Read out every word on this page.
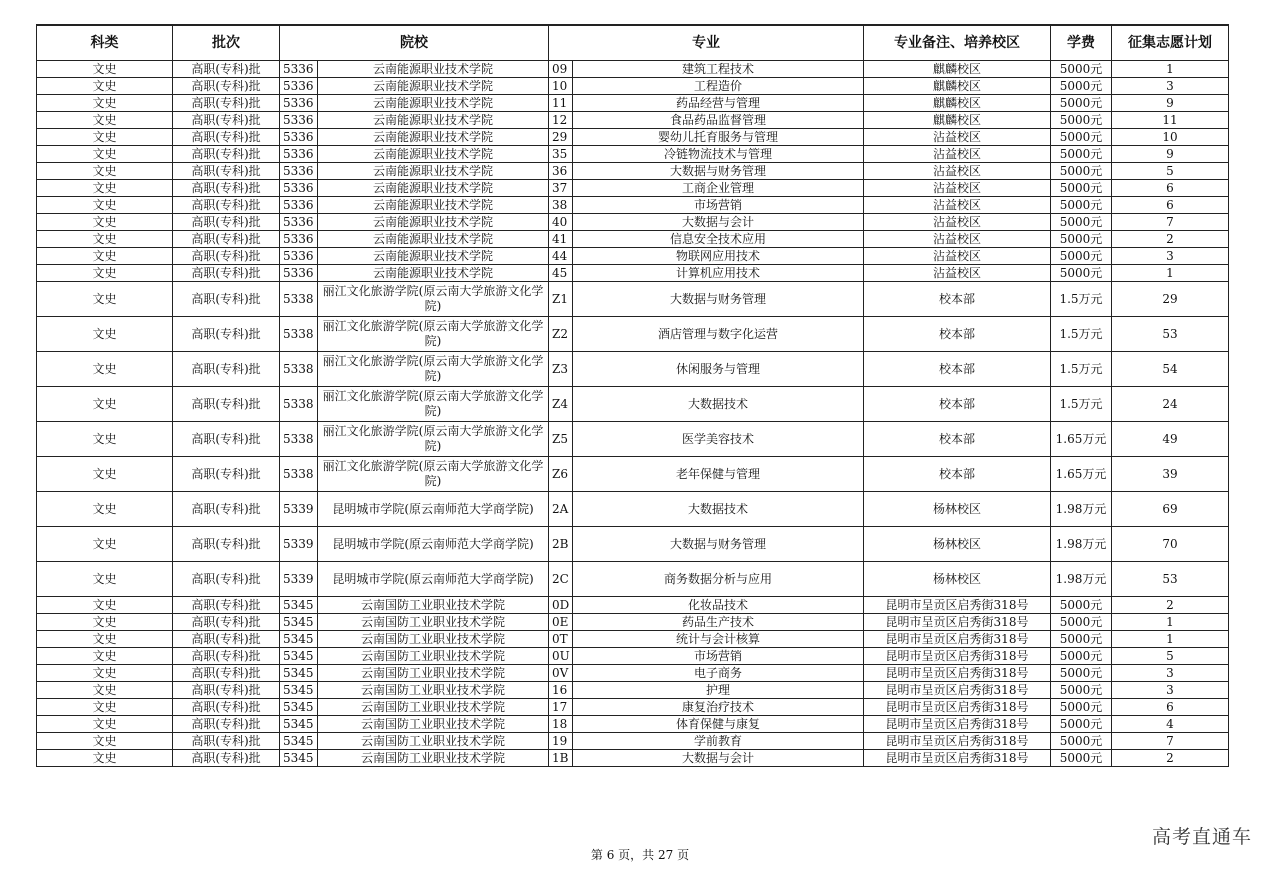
科类	批次	院校		专业		专业备注、培养校区	学费	征集志愿计划
文史	高职(专科)批	5336	云南能源职业技术学院	09	建筑工程技术	麒麟校区	5000元	1
文史	高职(专科)批	5336	云南能源职业技术学院	10	工程造价	麒麟校区	5000元	3
文史	高职(专科)批	5336	云南能源职业技术学院	11	药品经营与管理	麒麟校区	5000元	9
文史	高职(专科)批	5336	云南能源职业技术学院	12	食品药品监督管理	麒麟校区	5000元	11
文史	高职(专科)批	5336	云南能源职业技术学院	29	婴幼儿托育服务与管理	沾益校区	5000元	10
文史	高职(专科)批	5336	云南能源职业技术学院	35	冷链物流技术与管理	沾益校区	5000元	9
文史	高职(专科)批	5336	云南能源职业技术学院	36	大数据与财务管理	沾益校区	5000元	5
文史	高职(专科)批	5336	云南能源职业技术学院	37	工商企业管理	沾益校区	5000元	6
文史	高职(专科)批	5336	云南能源职业技术学院	38	市场营销	沾益校区	5000元	6
文史	高职(专科)批	5336	云南能源职业技术学院	40	大数据与会计	沾益校区	5000元	7
文史	高职(专科)批	5336	云南能源职业技术学院	41	信息安全技术应用	沾益校区	5000元	2
文史	高职(专科)批	5336	云南能源职业技术学院	44	物联网应用技术	沾益校区	5000元	3
文史	高职(专科)批	5336	云南能源职业技术学院	45	计算机应用技术	沾益校区	5000元	1
文史	高职(专科)批	5338	丽江文化旅游学院(原云南大学旅游文化学院)	Z1	大数据与财务管理	校本部	1.5万元	29
文史	高职(专科)批	5338	丽江文化旅游学院(原云南大学旅游文化学院)	Z2	酒店管理与数字化运营	校本部	1.5万元	53
文史	高职(专科)批	5338	丽江文化旅游学院(原云南大学旅游文化学院)	Z3	休闲服务与管理	校本部	1.5万元	54
文史	高职(专科)批	5338	丽江文化旅游学院(原云南大学旅游文化学院)	Z4	大数据技术	校本部	1.5万元	24
文史	高职(专科)批	5338	丽江文化旅游学院(原云南大学旅游文化学院)	Z5	医学美容技术	校本部	1.65万元	49
文史	高职(专科)批	5338	丽江文化旅游学院(原云南大学旅游文化学院)	Z6	老年保健与管理	校本部	1.65万元	39
文史	高职(专科)批	5339	昆明城市学院(原云南师范大学商学院)	2A	大数据技术	杨林校区	1.98万元	69
文史	高职(专科)批	5339	昆明城市学院(原云南师范大学商学院)	2B	大数据与财务管理	杨林校区	1.98万元	70
文史	高职(专科)批	5339	昆明城市学院(原云南师范大学商学院)	2C	商务数据分析与应用	杨林校区	1.98万元	53
文史	高职(专科)批	5345	云南国防工业职业技术学院	0D	化妆品技术	昆明市呈贡区启秀街318号	5000元	2
文史	高职(专科)批	5345	云南国防工业职业技术学院	0E	药品生产技术	昆明市呈贡区启秀街318号	5000元	1
文史	高职(专科)批	5345	云南国防工业职业技术学院	0T	统计与会计核算	昆明市呈贡区启秀街318号	5000元	1
文史	高职(专科)批	5345	云南国防工业职业技术学院	0U	市场营销	昆明市呈贡区启秀街318号	5000元	5
文史	高职(专科)批	5345	云南国防工业职业技术学院	0V	电子商务	昆明市呈贡区启秀街318号	5000元	3
文史	高职(专科)批	5345	云南国防工业职业技术学院	16	护理	昆明市呈贡区启秀街318号	5000元	3
文史	高职(专科)批	5345	云南国防工业职业技术学院	17	康复治疗技术	昆明市呈贡区启秀街318号	5000元	6
文史	高职(专科)批	5345	云南国防工业职业技术学院	18	体育保健与康复	昆明市呈贡区启秀街318号	5000元	4
文史	高职(专科)批	5345	云南国防工业职业技术学院	19	学前教育	昆明市呈贡区启秀街318号	5000元	7
文史	高职(专科)批	5345	云南国防工业职业技术学院	1B	大数据与会计	昆明市呈贡区启秀街318号	5000元	2
第 6 页，共 27 页
高考直通车
